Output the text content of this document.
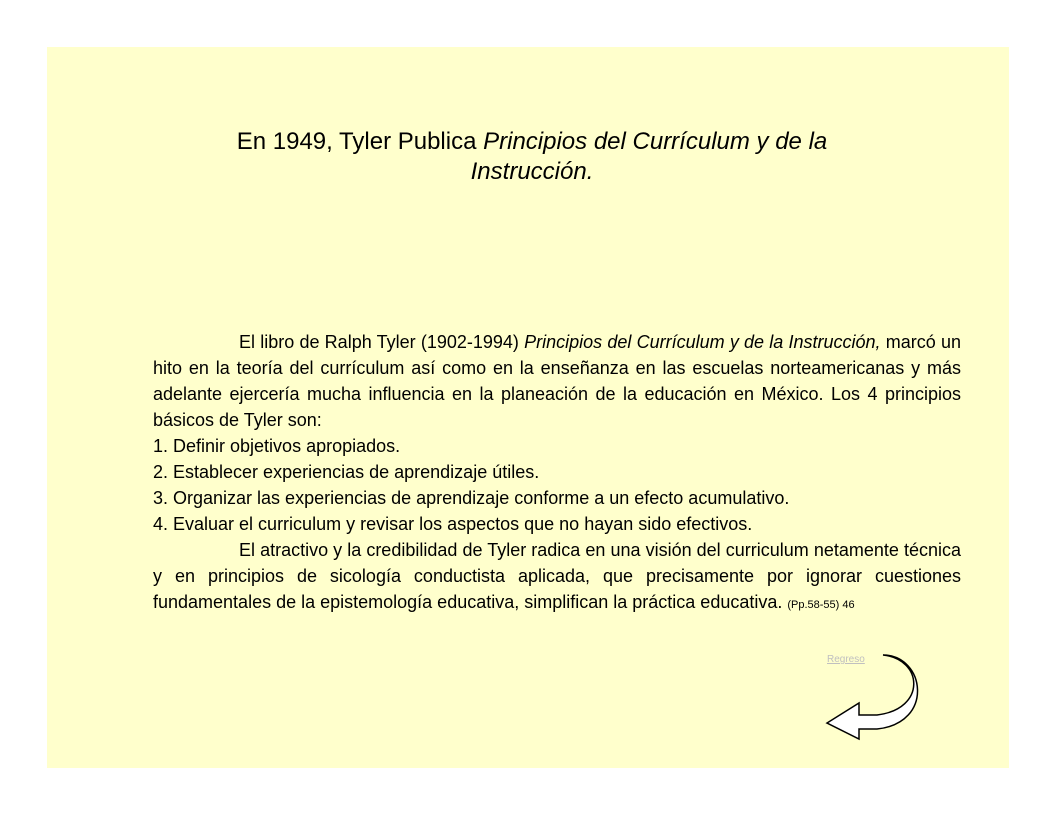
En 1949, Tyler Publica Principios del Currículum y de la Instrucción.

El libro de Ralph Tyler (1902-1994) Principios del Currículum y de la Instrucción, marcó un hito en la teoría del currículum así como en la enseñanza en las escuelas norteamericanas y más adelante ejercería mucha influencia en la planeación de la educación en México. Los 4 principios básicos de Tyler son:

1. Definir objetivos apropiados.
2. Establecer experiencias de aprendizaje útiles.
3. Organizar las experiencias de aprendizaje conforme a un efecto acumulativo.
4. Evaluar el curriculum y revisar los aspectos que no hayan sido efectivos.

El atractivo y la credibilidad de Tyler radica en una visión del curriculum netamente técnica y en principios de sicología conductista aplicada, que precisamente por ignorar cuestiones fundamentales de la epistemología educativa, simplifican la práctica educativa. (Pp.58-55) 46

Regreso
